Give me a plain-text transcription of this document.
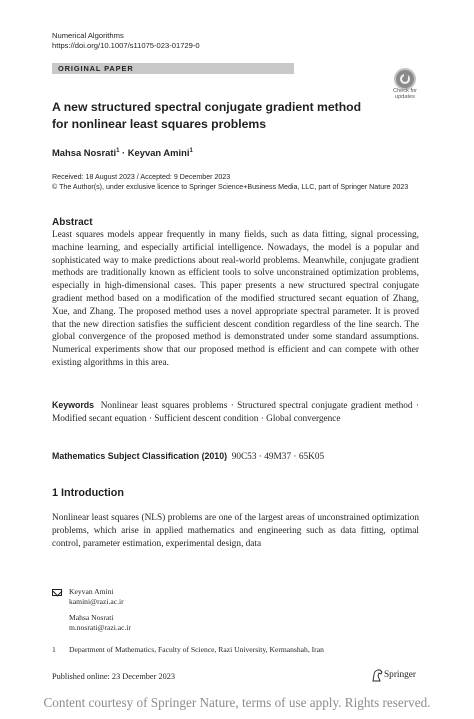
Numerical Algorithms
https://doi.org/10.1007/s11075-023-01729-0
ORIGINAL PAPER
Check for
updates
A new structured spectral conjugate gradient method for nonlinear least squares problems
Mahsa Nosrati$^1$ · Keyvan Amini$^1$
Received: 18 August 2023 / Accepted: 9 December 2023
© The Author(s), under exclusive licence to Springer Science+Business Media, LLC, part of Springer Nature 2023
Abstract
Least squares models appear frequently in many fields, such as data fitting, signal processing, machine learning, and especially artificial intelligence. Nowadays, the model is a popular and sophisticated way to make predictions about real-world problems. Meanwhile, conjugate gradient methods are traditionally known as efficient tools to solve unconstrained optimization problems, especially in high-dimensional cases. This paper presents a new structured spectral conjugate gradient method based on a modification of the modified structured secant equation of Zhang, Xue, and Zhang. The proposed method uses a novel appropriate spectral parameter. It is proved that the new direction satisfies the sufficient descent condition regardless of the line search. The global convergence of the proposed method is demonstrated under some standard assumptions. Numerical experiments show that our proposed method is efficient and can compete with other existing algorithms in this area.
Keywords Nonlinear least squares problems · Structured spectral conjugate gradient method · Modified secant equation · Sufficient descent condition · Global convergence
Mathematics Subject Classification (2010) 90C53 · 49M37 · 65K05
1 Introduction
Nonlinear least squares (NLS) problems are one of the largest areas of unconstrained optimization problems, which arise in applied mathematics and engineering such as data fitting, optimal control, parameter estimation, experimental design, data
Keyvan Amini
kamini@razi.ac.ir
Mahsa Nosrati
m.nosrati@razi.ac.ir
1 Department of Mathematics, Faculty of Science, Razi University, Kermanshah, Iran
Published online: 23 December 2023	Springer
Content courtesy of Springer Nature, terms of use apply. Rights reserved.
